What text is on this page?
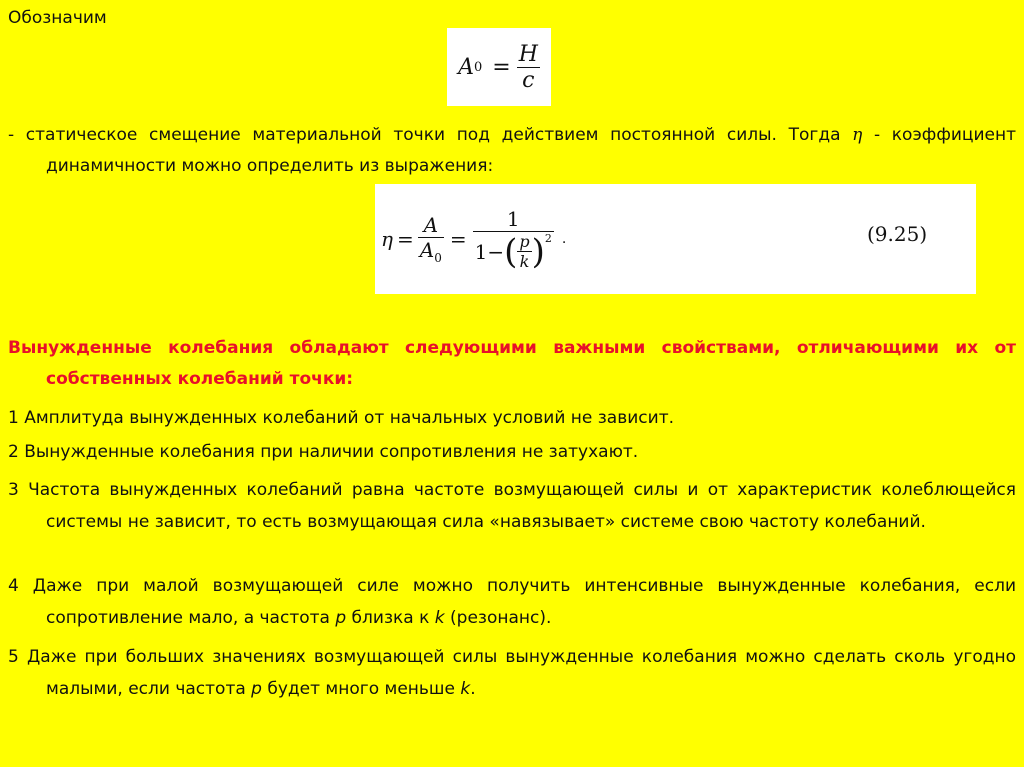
Обозначим

A $0 = \frac{H}{c}$

- статическое смещение материальной точки под действием постоянной силы. Тогда η - коэффициент динамичности можно определить из выражения:

$\eta = \frac{A}{A_0}$ =
1
1− ( $\frac{p}{k} )^2$ .	(9.25)

Вынужденные колебания обладают следующими важными свойствами, отличающими их от собственных колебаний точки:

1 Амплитуда вынужденных колебаний от начальных условий не зависит.

2 Вынужденные колебания при наличии сопротивления не затухают.

3 Частота вынужденных колебаний равна частоте возмущающей силы и от характеристик колеблющейся системы не зависит, то есть возмущающая сила «навязывает» системе свою частоту колебаний.

4 Даже при малой возмущающей силе можно получить интенсивные вынужденные колебания, если сопротивление мало, а частота p близка к k (резонанс).

5 Даже при больших значениях возмущающей силы вынужденные колебания можно сделать сколь угодно малыми, если частота p будет много меньше k.
